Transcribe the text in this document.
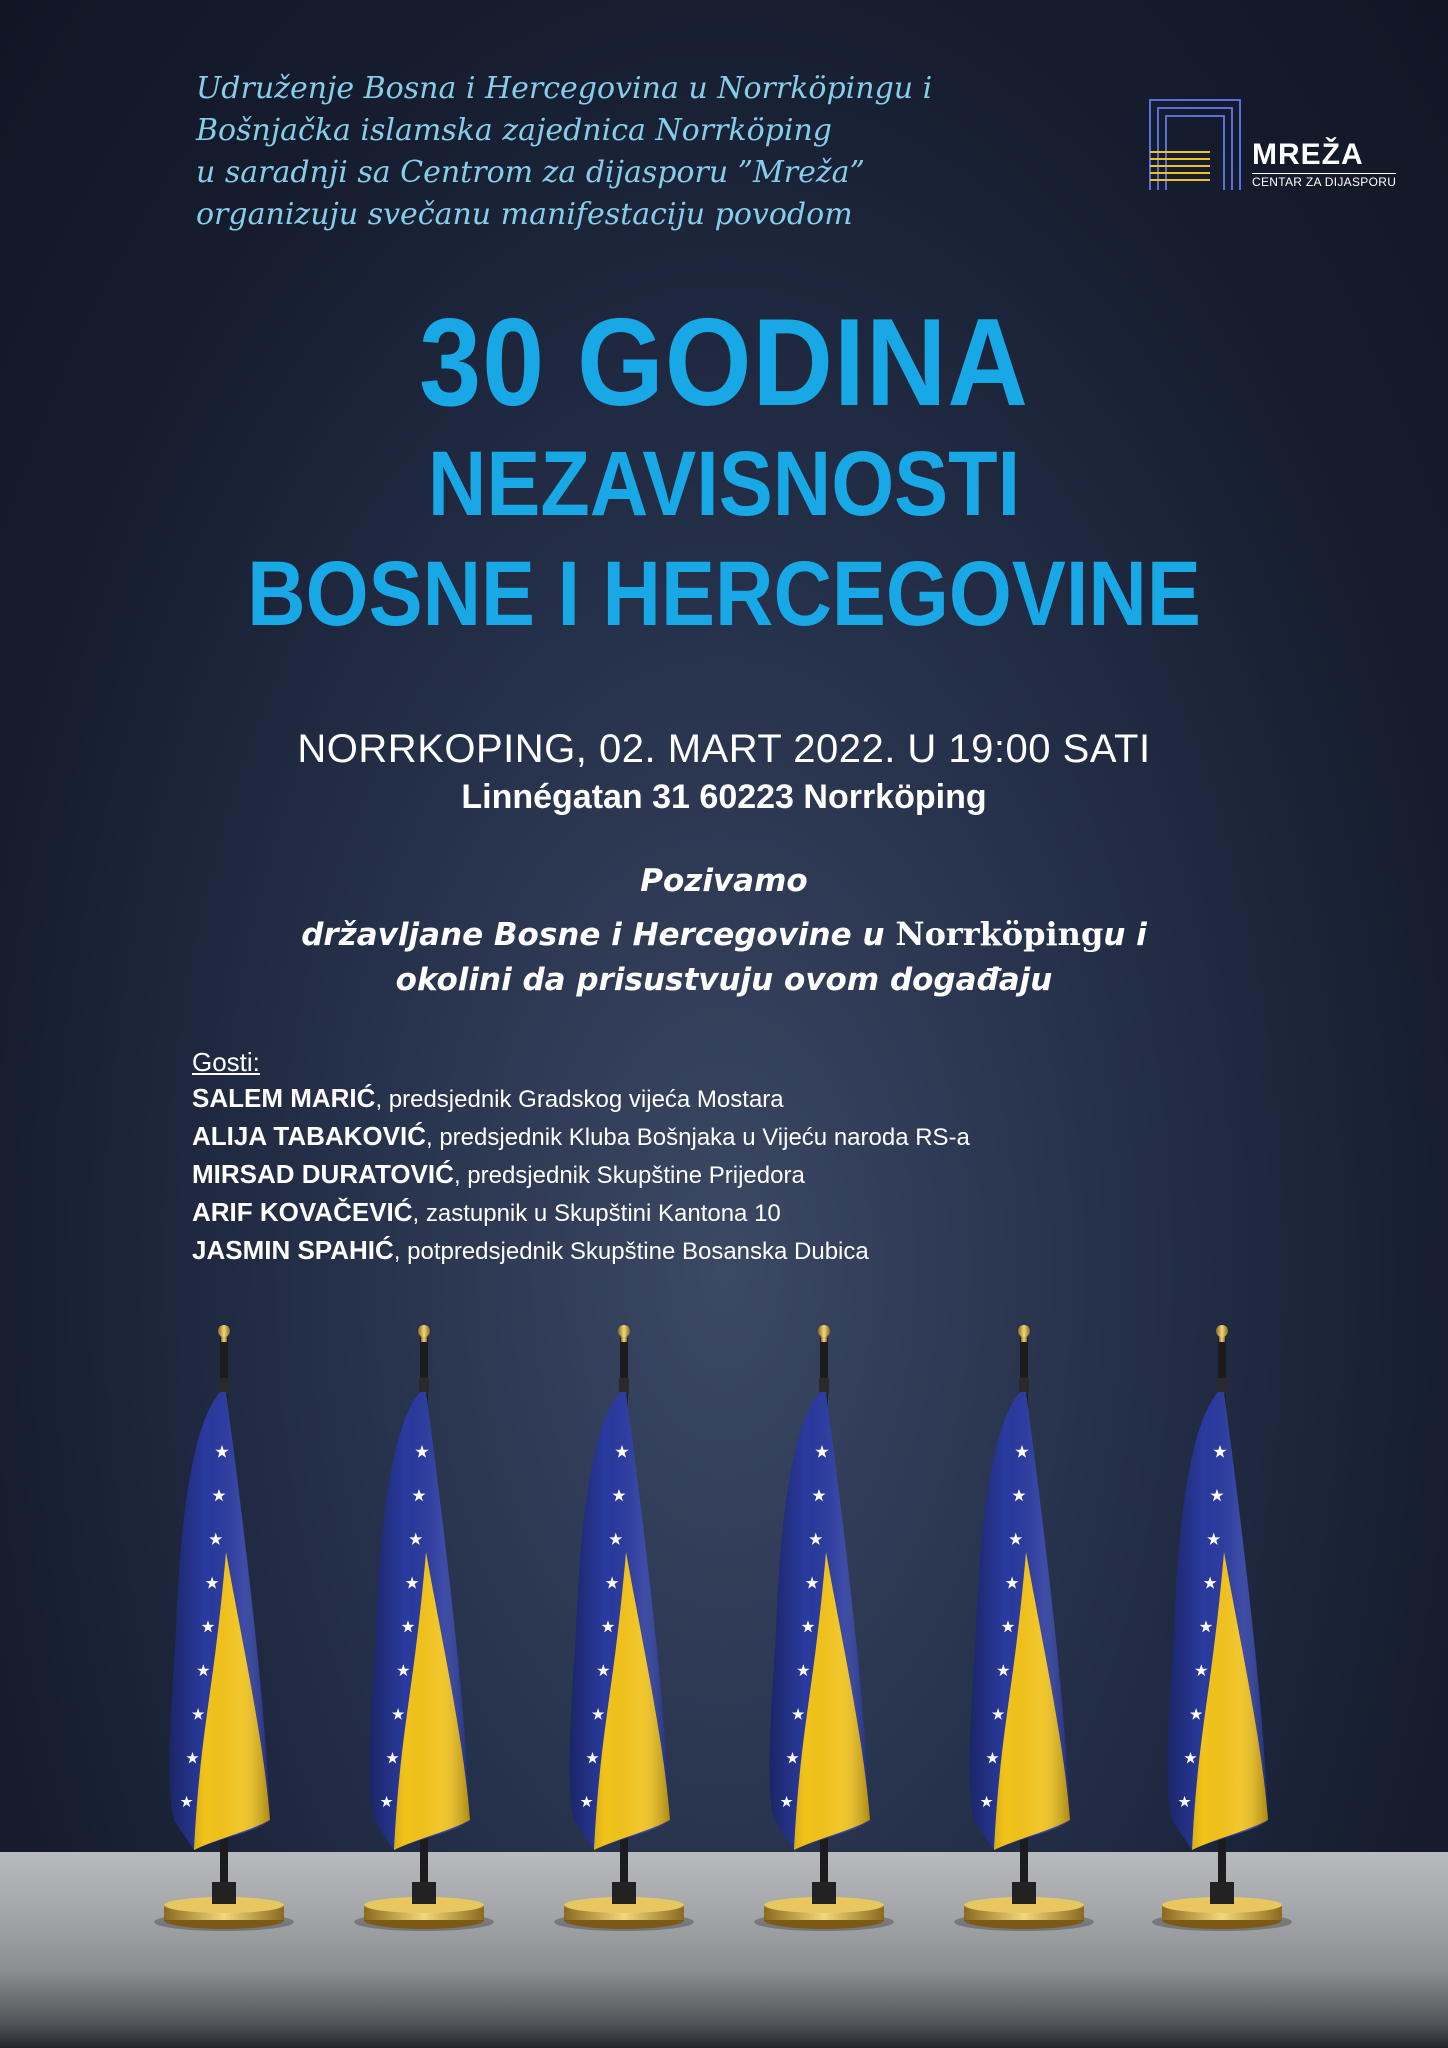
Udruženje Bosna i Hercegovina u Norrköpingu i
Bošnjačka islamska zajednica Norrköping
u saradnji sa Centrom za dijasporu ”Mreža”
organizuju svečanu manifestaciju povodom
MREŽA
CENTAR ZA DIJASPORU
30 GODINA
NEZAVISNOSTI
BOSNE I HERCEGOVINE
NORRKOPING, 02. MART 2022. U 19:00 SATI
Linnégatan 31 60223 Norrköping
Pozivamo
državljane Bosne i Hercegovine u Norrköpingu i
okolini da prisustvuju ovom događaju
Gosti:
SALEM MARIĆ, predsjednik Gradskog vijeća Mostara
ALIJA TABAKOVIĆ, predsjednik Kluba Bošnjaka u Vijeću naroda RS-a
MIRSAD DURATOVIĆ, predsjednik Skupštine Prijedora
ARIF KOVAČEVIĆ, zastupnik u Skupštini Kantona 10
JASMIN SPAHIĆ, potpredsjednik Skupštine Bosanska Dubica
